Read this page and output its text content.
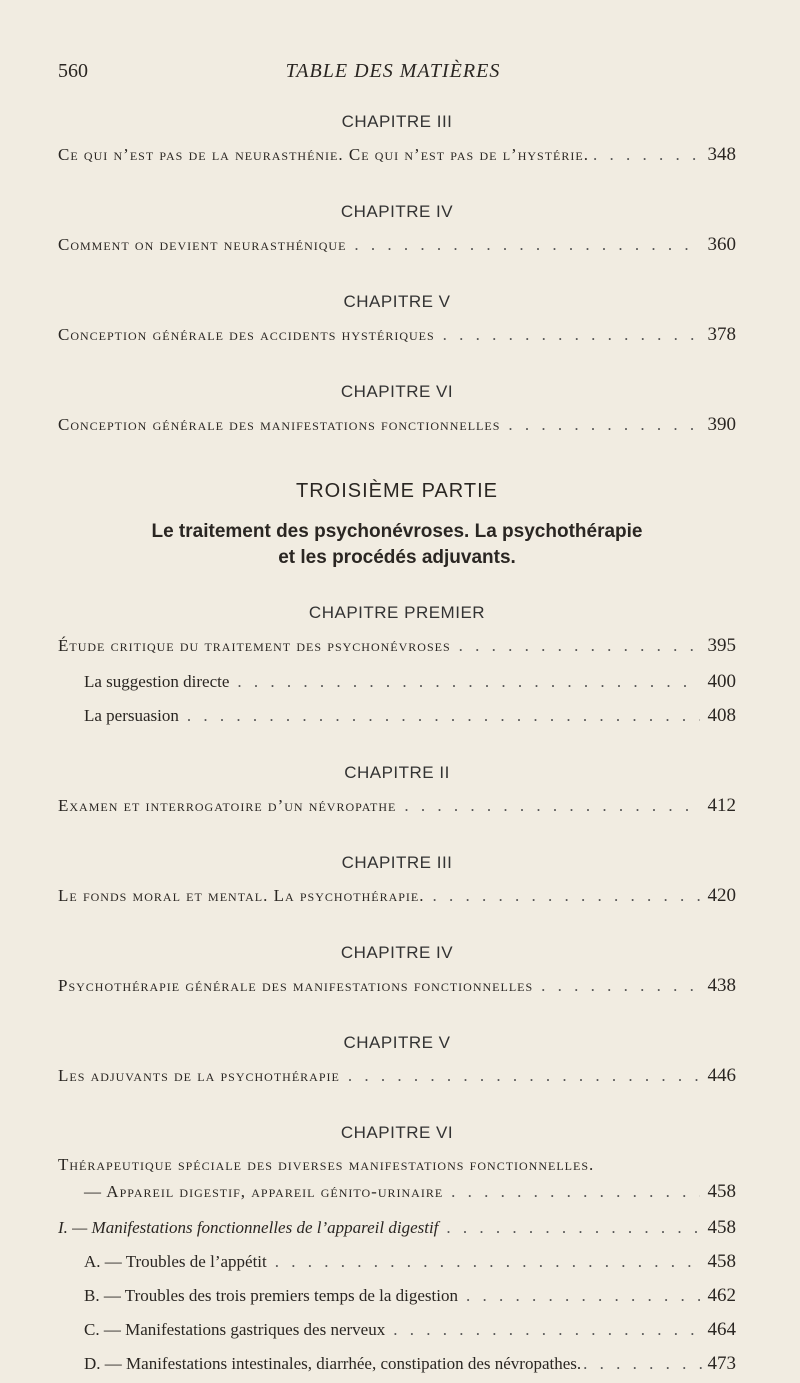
560	TABLE DES MATIÈRES
CHAPITRE III
Ce qui n’est pas de la neurasthénie. Ce qui n’est pas de l’hystérie. . . .	348
CHAPITRE IV
Comment on devient neurasthénique . . .	360
CHAPITRE V
Conception générale des accidents hystériques . . .	378
CHAPITRE VI
Conception générale des manifestations fonctionnelles . . .	390
TROISIÈME PARTIE
Le traitement des psychonévroses. La psychothérapie
et les procédés adjuvants.
CHAPITRE PREMIER
Étude critique du traitement des psychonévroses . . .	395
La suggestion directe . . .	400
La persuasion . . .	408
CHAPITRE II
Examen et interrogatoire d’un névropathe . . .	412
CHAPITRE III
Le fonds moral et mental. La psychothérapie. . . .	420
CHAPITRE IV
Psychothérapie générale des manifestations fonctionnelles . . .	438
CHAPITRE V
Les adjuvants de la psychothérapie . . .	446
CHAPITRE VI
Thérapeutique spéciale des diverses manifestations fonctionnelles.
— Appareil digestif, appareil génito-urinaire . . .	458
I. — Manifestations fonctionnelles de l’appareil digestif . . .	458
A. — Troubles de l’appétit . . .	458
B. — Troubles des trois premiers temps de la digestion . . .	462
C. — Manifestations gastriques des nerveux . . .	464
D. — Manifestations intestinales, diarrhée, constipation des névropathes. . . .	473
